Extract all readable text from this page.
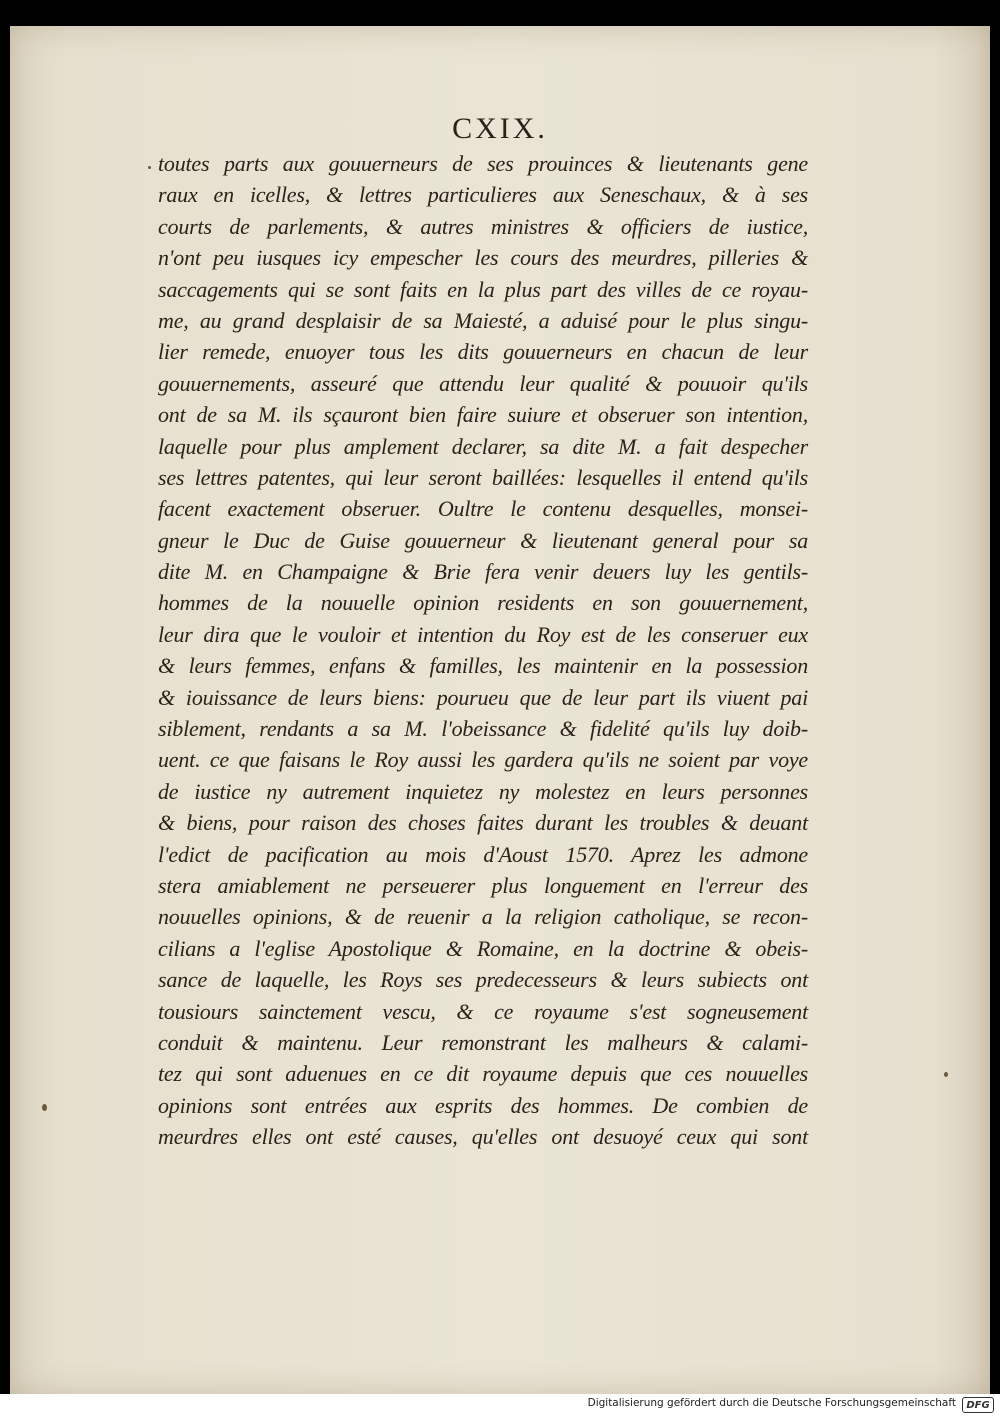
CXIX.
toutes parts aux gouuerneurs de ses prouinces & lieutenants gene
raux en icelles, & lettres particulieres aux Seneschaux, & à ses
courts de parlements, & autres ministres & officiers de iustice,
n'ont peu iusques icy empescher les cours des meurdres, pilleries &
saccagements qui se sont faits en la plus part des villes de ce royau-
me, au grand desplaisir de sa Maiesté, a aduisé pour le plus singu-
lier remede, enuoyer tous les dits gouuerneurs en chacun de leur
gouuernements, asseuré que attendu leur qualité & pouuoir qu'ils
ont de sa M. ils sçauront bien faire suiure et obseruer son intention,
laquelle pour plus amplement declarer, sa dite M. a fait despecher
ses lettres patentes, qui leur seront baillées: lesquelles il entend qu'ils
facent exactement obseruer. Oultre le contenu desquelles, monsei-
gneur le Duc de Guise gouuerneur & lieutenant general pour sa
dite M. en Champaigne & Brie fera venir deuers luy les gentils-
hommes de la nouuelle opinion residents en son gouuernement,
leur dira que le vouloir et intention du Roy est de les conseruer eux
& leurs femmes, enfans & familles, les maintenir en la possession
& iouissance de leurs biens: pourueu que de leur part ils viuent pai
siblement, rendants a sa M. l'obeissance & fidelité qu'ils luy doib-
uent. ce que faisans le Roy aussi les gardera qu'ils ne soient par voye
de iustice ny autrement inquietez ny molestez en leurs personnes
& biens, pour raison des choses faites durant les troubles & deuant
l'edict de pacification au mois d'Aoust 1570. Aprez les admone
stera amiablement ne perseuerer plus longuement en l'erreur des
nouuelles opinions, & de reuenir a la religion catholique, se recon-
cilians a l'eglise Apostolique & Romaine, en la doctrine & obeis-
sance de laquelle, les Roys ses predecesseurs & leurs subiects ont
tousiours sainctement vescu, & ce royaume s'est sogneusement
conduit & maintenu. Leur remonstrant les malheurs & calami-
tez qui sont aduenues en ce dit royaume depuis que ces nouuelles
opinions sont entrées aux esprits des hommes. De combien de
meurdres elles ont esté causes, qu'elles ont desuoyé ceux qui sont
Digitalisierung gefördert durch die Deutsche Forschungsgemeinschaft	DFG
